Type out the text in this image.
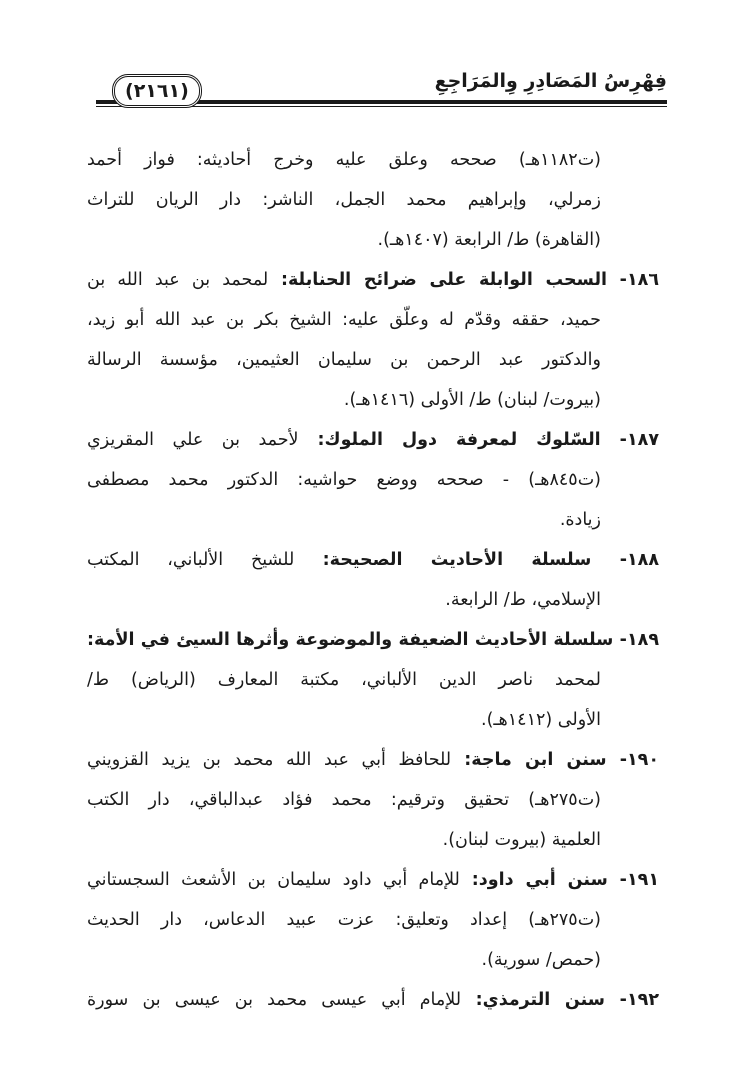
فِهْرِسُ المَصَادِرِ وِالمَرَاجِعِ
(٢١٦١)
(ت١١٨٢هـ) صححه وعلق عليه وخرج أحاديثه: فواز أحمد
زمرلي، وإبراهيم محمد الجمل، الناشر: دار الريان للتراث
(القاهرة) ط/ الرابعة (١٤٠٧هـ).
١٨٦- السحب الوابلة على ضرائح الحنابلة: لمحمد بن عبد الله بن
حميد، حققه وقدّم له وعلّق عليه: الشيخ بكر بن عبد الله أبو زيد،
والدكتور عبد الرحمن بن سليمان العثيمين، مؤسسة الرسالة
(بيروت/ لبنان) ط/ الأولى (١٤١٦هـ).
١٨٧- السّلوك لمعرفة دول الملوك: لأحمد بن علي المقريزي
(ت٨٤٥هـ) - صححه ووضع حواشيه: الدكتور محمد مصطفى
زيادة.
١٨٨- سلسلة الأحاديث الصحيحة: للشيخ الألباني، المكتب
الإسلامي، ط/ الرابعة.
١٨٩- سلسلة الأحاديث الضعيفة والموضوعة وأثرها السيئ في الأمة:
لمحمد ناصر الدين الألباني، مكتبة المعارف (الرياض) ط/
الأولى (١٤١٢هـ).
١٩٠- سنن ابن ماجة: للحافظ أبي عبد الله محمد بن يزيد القزويني
(ت٢٧٥هـ) تحقيق وترقيم: محمد فؤاد عبدالباقي، دار الكتب
العلمية (بيروت لبنان).
١٩١- سنن أبي داود: للإمام أبي داود سليمان بن الأشعث السجستاني
(ت٢٧٥هـ) إعداد وتعليق: عزت عبيد الدعاس، دار الحديث
(حمص/ سورية).
١٩٢- سنن الترمذي: للإمام أبي عيسى محمد بن عيسى بن سورة
